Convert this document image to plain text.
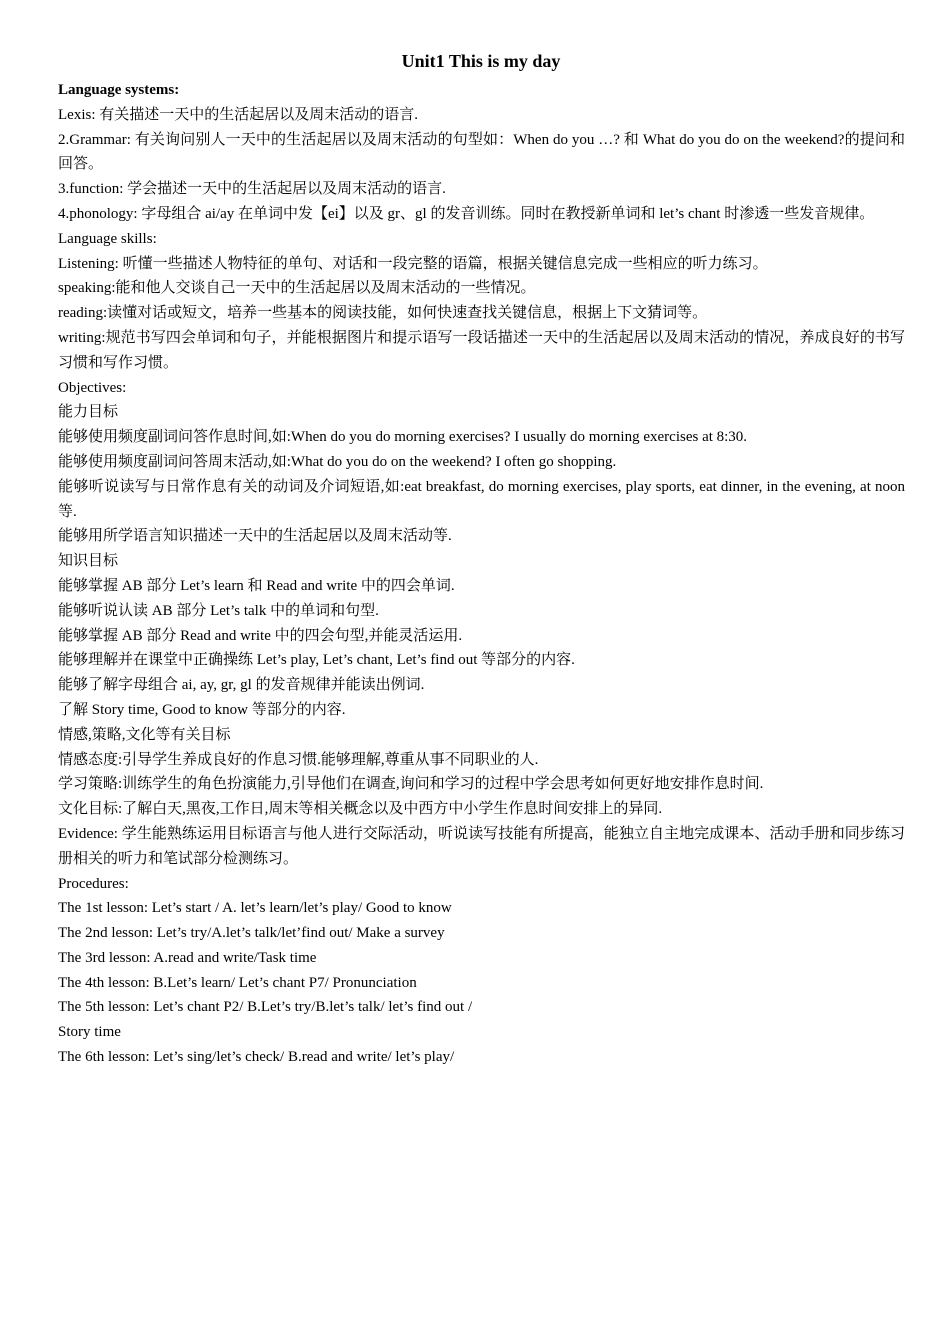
Unit1 This is my day

Language systems:

Lexis: 有关描述一天中的生活起居以及周末活动的语言.

2.Grammar: 有关询问别人一天中的生活起居以及周末活动的句型如：When do you …? 和 What do you do on the weekend?的提问和回答。

3.function: 学会描述一天中的生活起居以及周末活动的语言.

4.phonology: 字母组合 ai/ay 在单词中发【ei】以及 gr、gl 的发音训练。同时在教授新单词和 let’s chant 时渗透一些发音规律。

Language skills:

Listening: 听懂一些描述人物特征的单句、对话和一段完整的语篇，根据关键信息完成一些相应的听力练习。

speaking:能和他人交谈自己一天中的生活起居以及周末活动的一些情况。

reading:读懂对话或短文，培养一些基本的阅读技能，如何快速查找关键信息，根据上下文猜词等。

writing:规范书写四会单词和句子，并能根据图片和提示语写一段话描述一天中的生活起居以及周末活动的情况，养成良好的书写习惯和写作习惯。

Objectives:

能力目标

能够使用频度副词问答作息时间,如:When do you do morning exercises? I usually do morning exercises at 8:30.

能够使用频度副词问答周末活动,如:What do you do on the weekend? I often go shopping.

能够听说读写与日常作息有关的动词及介词短语,如:eat breakfast, do morning exercises, play sports, eat dinner, in the evening, at noon 等.

能够用所学语言知识描述一天中的生活起居以及周末活动等.

知识目标

能够掌握 AB 部分 Let’s learn 和 Read and write 中的四会单词.

能够听说认读 AB 部分 Let’s talk 中的单词和句型.

能够掌握 AB 部分 Read and write 中的四会句型,并能灵活运用.

能够理解并在课堂中正确操练 Let’s play, Let’s chant, Let’s find out 等部分的内容.

能够了解字母组合 ai, ay, gr, gl 的发音规律并能读出例词.

了解 Story time, Good to know 等部分的内容.

情感,策略,文化等有关目标

情感态度:引导学生养成良好的作息习惯.能够理解,尊重从事不同职业的人.

学习策略:训练学生的角色扮演能力,引导他们在调查,询问和学习的过程中学会思考如何更好地安排作息时间.

文化目标:了解白天,黑夜,工作日,周末等相关概念以及中西方中小学生作息时间安排上的异同.

Evidence: 学生能熟练运用目标语言与他人进行交际活动，听说读写技能有所提高，能独立自主地完成课本、活动手册和同步练习册相关的听力和笔试部分检测练习。

Procedures:

The 1st lesson: Let’s start / A. let’s learn/let’s play/ Good to know

The 2nd lesson: Let’s try/A.let’s talk/let’find out/ Make a survey

The 3rd lesson: A.read and write/Task time

The 4th lesson: B.Let’s learn/ Let’s chant P7/ Pronunciation

The 5th lesson: Let’s chant P2/ B.Let’s try/B.let’s talk/ let’s find out /

Story time

The 6th lesson: Let’s sing/let’s check/ B.read and write/ let’s play/
